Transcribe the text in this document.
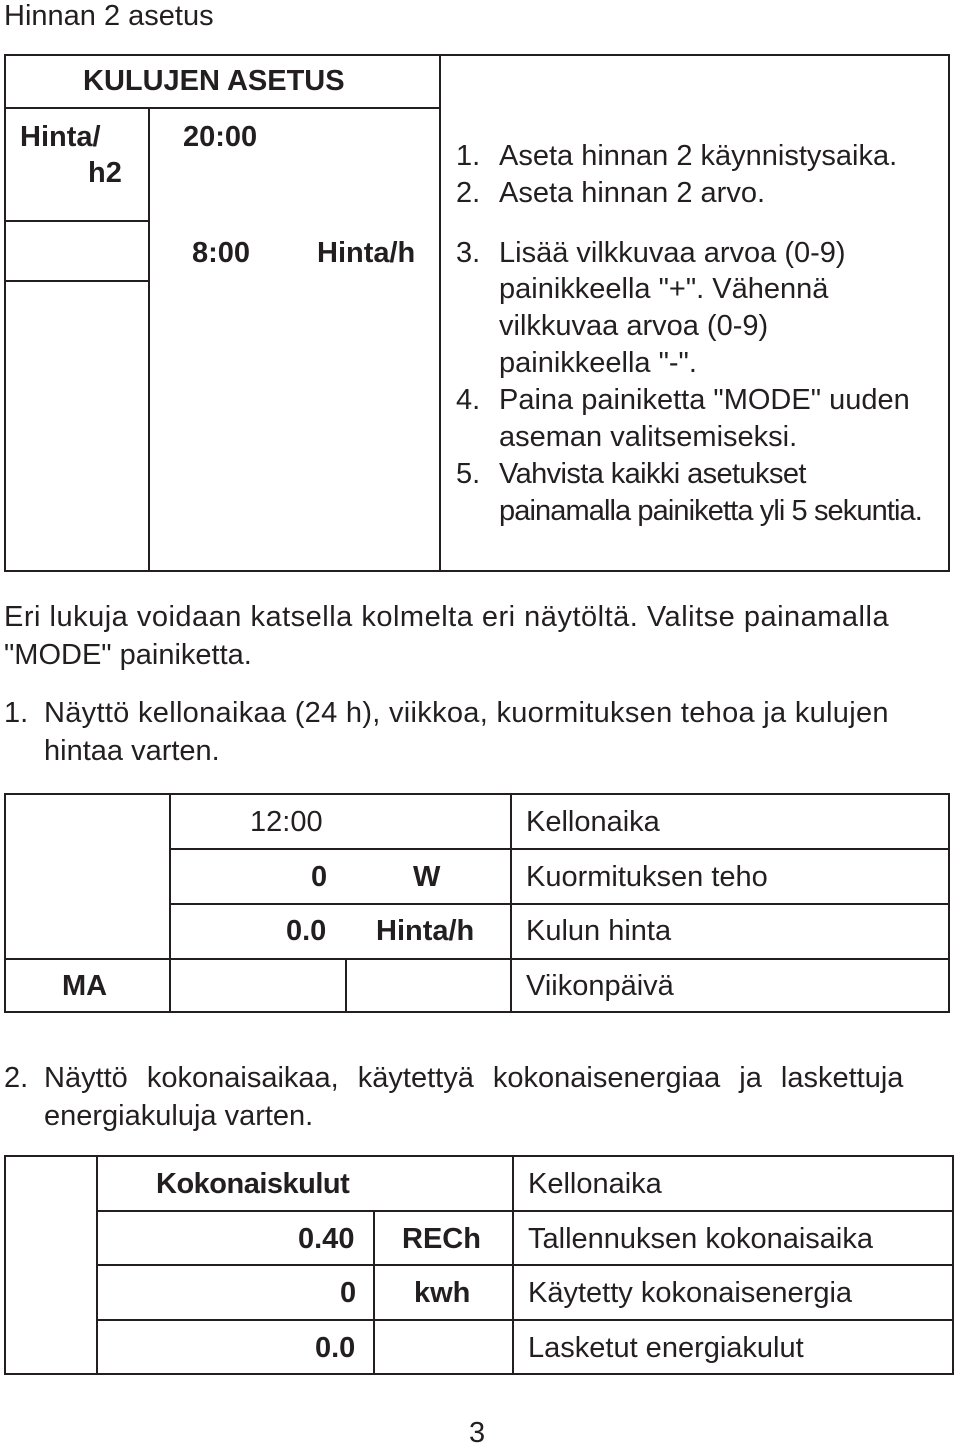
Hinnan 2 asetus
KULUJEN ASETUS
Hinta/
h2
20:00
8:00 Hinta/h
1. Aseta hinnan 2 käynnistysaika.
2. Aseta hinnan 2 arvo.
3. Lisää vilkkuvaa arvoa (0-9)
painikkeella "+". Vähennä
vilkkuvaa arvoa (0-9)
painikkeella "-".
4. Paina painiketta "MODE" uuden
aseman valitsemiseksi.
5. Vahvista kaikki asetukset
painamalla painiketta yli 5 sekuntia.
Eri lukuja voidaan katsella kolmelta eri näytöltä. Valitse painamalla
"MODE" painiketta.
1. Näyttö kellonaikaa (24 h), viikkoa, kuormituksen tehoa ja kulujen
hintaa varten.
12:00	Kellonaika
0	W	Kuormituksen teho
0.0 Hinta/h Kulun hinta
MA	Viikonpäivä
2. Näyttö kokonaisaikaa, käytettyä kokonaisenergiaa ja laskettuja
energiakuluja varten.
Kokonaiskulut	Kellonaika
0.40 RECh Tallennuksen kokonaisaika
0 kwh Käytetty kokonaisenergia
0.0	Lasketut energiakulut
3
